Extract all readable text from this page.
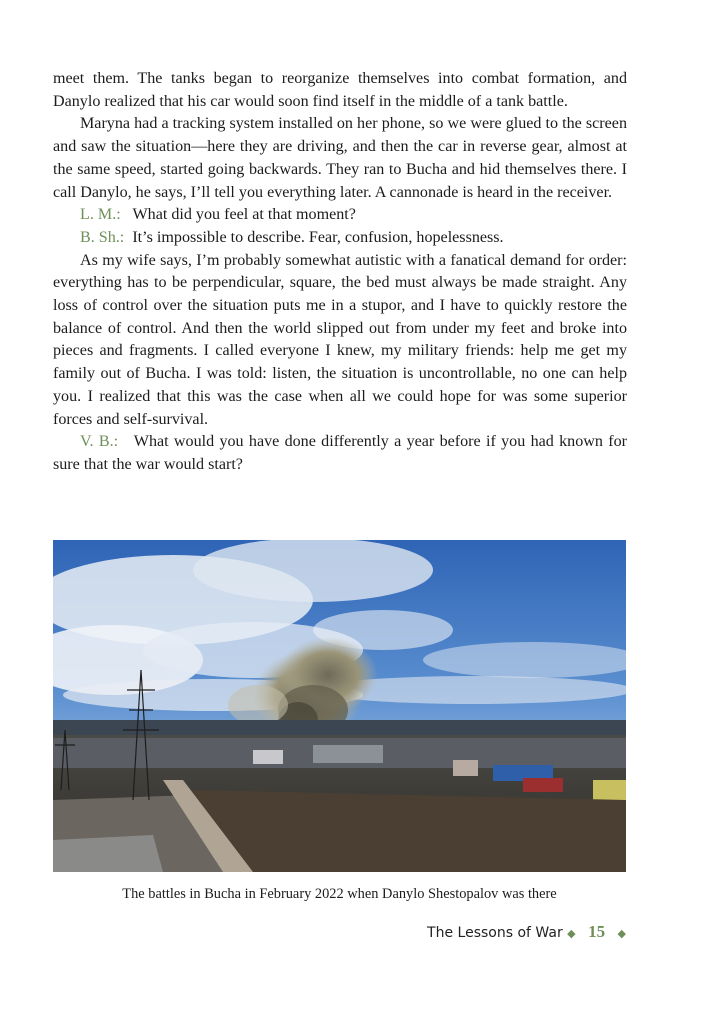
meet them. The tanks began to reorganize themselves into combat formation, and Danylo realized that his car would soon find itself in the middle of a tank battle.

Maryna had a tracking system installed on her phone, so we were glued to the screen and saw the situation—here they are driving, and then the car in reverse gear, almost at the same speed, started going backwards. They ran to Bucha and hid themselves there. I call Danylo, he says, I’ll tell you everything later. A cannonade is heard in the receiver.

L. M.: What did you feel at that moment?

B. Sh.: It’s impossible to describe. Fear, confusion, hopelessness.

As my wife says, I’m probably somewhat autistic with a fanatical demand for order: everything has to be perpendicular, square, the bed must always be made straight. Any loss of control over the situation puts me in a stupor, and I have to quickly restore the balance of control. And then the world slipped out from under my feet and broke into pieces and fragments. I called everyone I knew, my military friends: help me get my family out of Bucha. I was told: listen, the situation is uncontrollable, no one can help you. I realized that this was the case when all we could hope for was some superior forces and self-survival.

V. B.: What would you have done differently a year before if you had known for sure that the war would start?

The battles in Bucha in February 2022 when Danylo Shestopalov was there
The Lessons of War ◆ 15 ◆
